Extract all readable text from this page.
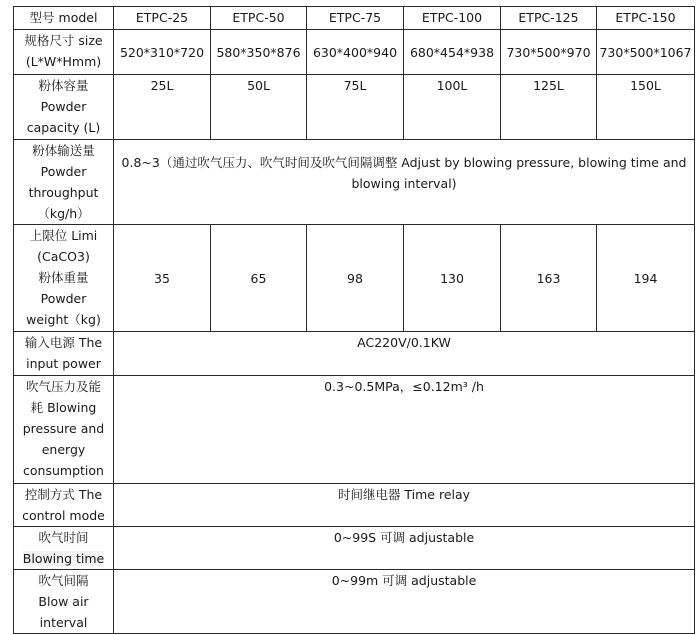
型号 model	ETPC-25	ETPC-50	ETPC-75	ETPC-100	ETPC-125	ETPC-150

规格尺寸 size
(L*W*Hmm)	520*310*720	580*350*876	630*400*940	680*454*938	730*500*970	730*500*1067

粉体容量
Powder
capacity (L)	25L	50L	75L	100L	125L	150L

粉体输送量
Powder
throughput
（kg/h）	0.8~3（通过吹气压力、吹气时间及吹气间隔调整 Adjust by blowing pressure, blowing time and blowing interval)					

上限位 Limi
(CaCO3)
粉体重量
Powder
weight（kg)	35	65	98	130	163	194

输入电源 The
input power	AC220V/0.1KW					

吹气压力及能
耗 Blowing
pressure and
energy
consumption	0.3~0.5MPa，≤0.12m³ /h					

控制方式 The
control mode	时间继电器 Time relay					

吹气时间
Blowing time	0~99S 可调 adjustable					

吹气间隔
Blow air
interval	0~99m 可调 adjustable					
